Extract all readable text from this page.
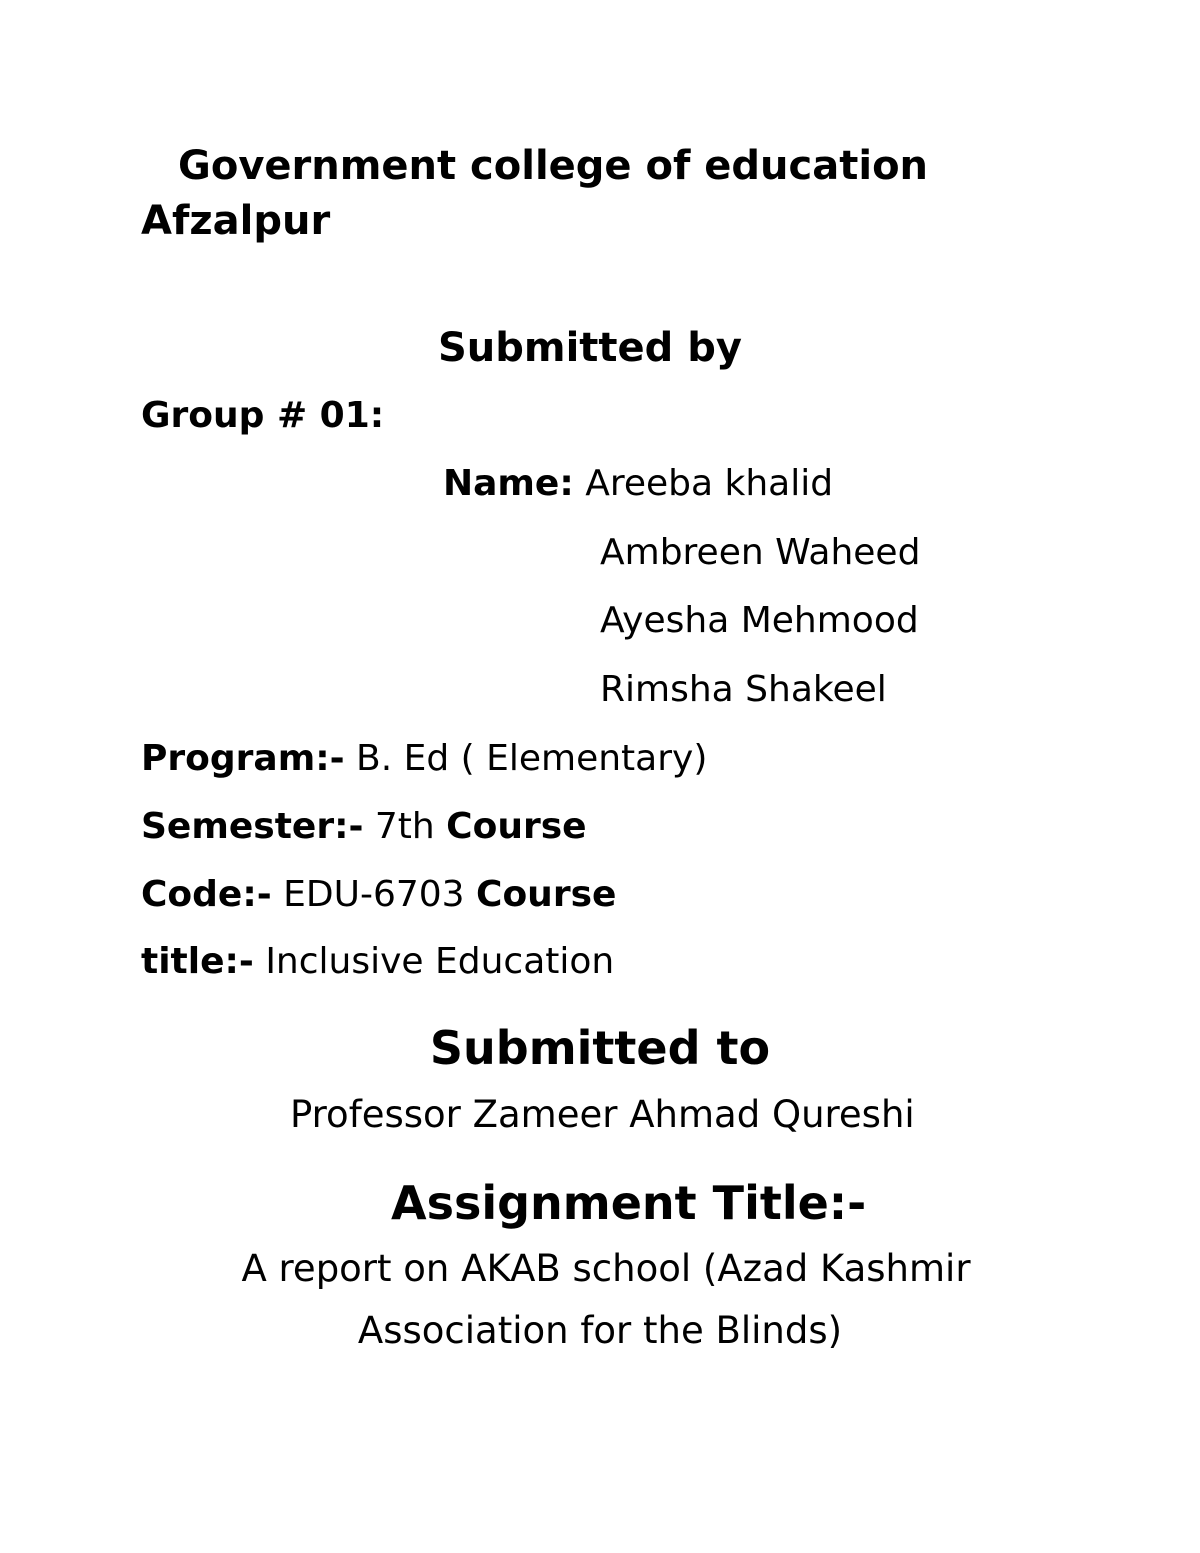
Government college of education
Afzalpur
Submitted by
Group # 01:
Name: Areeba khalid
Ambreen Waheed
Ayesha Mehmood
Rimsha Shakeel
Program:- B. Ed ( Elementary)
Semester:- 7th Course
Code:- EDU-6703 Course
title:- Inclusive Education
Submitted to
Professor Zameer Ahmad Qureshi
Assignment Title:-
A report on AKAB school (Azad Kashmir
Association for the Blinds)
